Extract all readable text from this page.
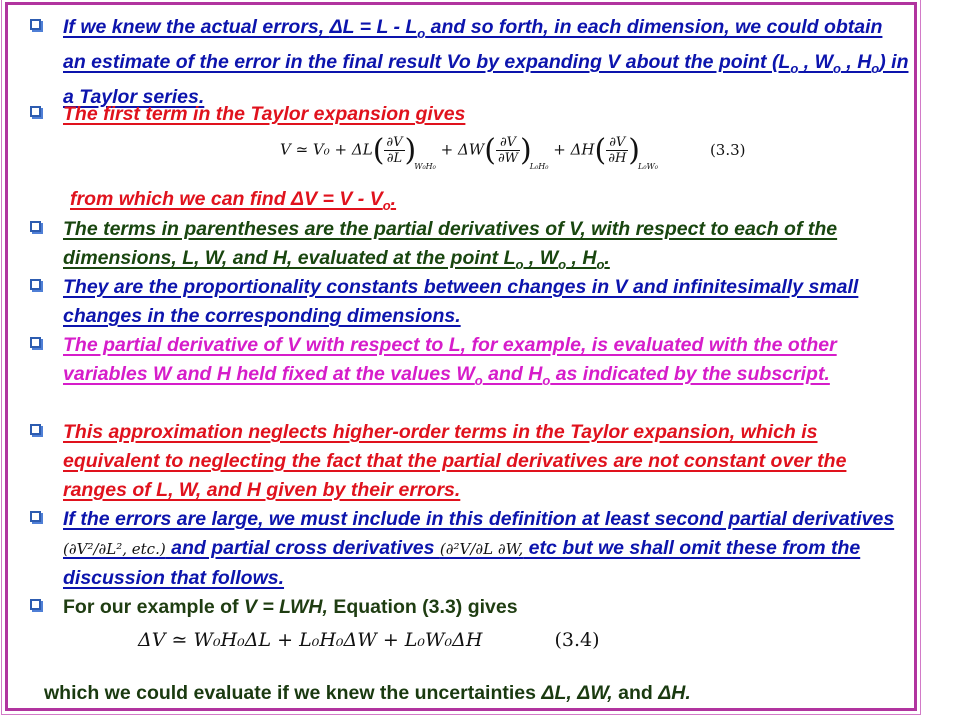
If we knew the actual errors, $\Delta L = L - L_o$ and so forth, in each dimension, we could obtain an estimate of the error in the final result Vo by expanding V about the point ($L_o$ , $W_o$ , $H_o$) in a Taylor series.
The first term in the Taylor expansion gives
V ≃ $V_0 + \Delta L( \frac{\partial V}{\partial L} )_{W_0H_0} + \Delta W( \frac{\partial V}{\partial W} )_{L_0H_0} + \Delta H( \frac{\partial V}{\partial H} )_{L_0W_0}(3.3)$
from which we can find $\Delta V = V - V_o$.
The terms in parentheses are the partial derivatives of V, with respect to each of the dimensions, L, W, and H, evaluated at the point $L_o$ , $W_o$ , $H_o$.
They are the proportionality constants between changes in V and infinitesimally small changes in the corresponding dimensions.
The partial derivative of V with respect to L, for example, is evaluated with the other variables W and H held fixed at the values $W_o$ and $H_o$ as indicated by the subscript.
This approximation neglects higher-order terms in the Taylor expansion, which is equivalent to neglecting the fact that the partial derivatives are not constant over the ranges of L, W, and H given by their errors.
If the errors are large, we must include in this definition at least second partial derivatives (∂V²/∂L², etc.) and partial cross derivatives (∂²V/∂L ∂W, etc but we shall omit these from the discussion that follows.
For our example of V = LWH, Equation (3.3) gives
ΔV ≃ W₀H₀ΔL + L₀H₀ΔW + L₀W₀ΔH	(3.4)
which we could evaluate if we knew the uncertainties ΔL, ΔW, and ΔH.
